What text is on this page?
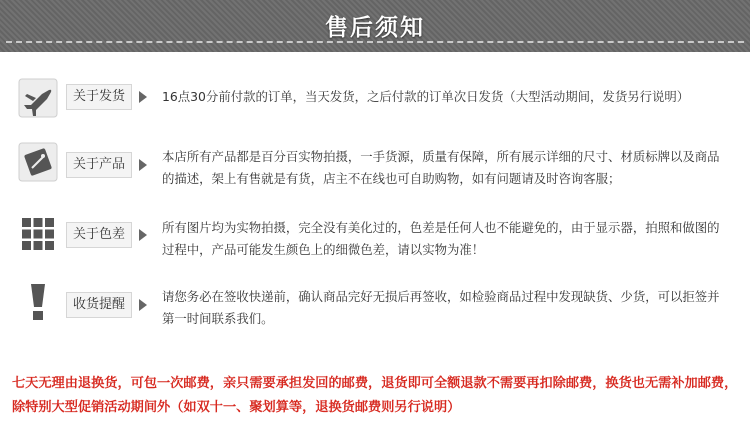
售后须知
关于发货	16点30分前付款的订单，当天发货，之后付款的订单次日发货（大型活动期间，发货另行说明）
关于产品
本店所有产品都是百分百实物拍摄，一手货源，质量有保障，所有展示详细的尺寸、材质标牌以及商品的描述，架上有售就是有货，店主不在线也可自助购物，如有问题请及时咨询客服；
关于色差	所有图片均为实物拍摄，完全没有美化过的，色差是任何人也不能避免的，由于显示器，拍照和做图的过程中，产品可能发生颜色上的细微色差，请以实物为准！
收货提醒
请您务必在签收快递前，确认商品完好无损后再签收，如检验商品过程中发现缺货、少货，可以拒签并第一时间联系我们。
七天无理由退换货，可包一次邮费，亲只需要承担发回的邮费，退货即可全额退款不需要再扣除邮费，换货也无需补加邮费，除特别大型促销活动期间外（如双十一、聚划算等，退换货邮费则另行说明）
